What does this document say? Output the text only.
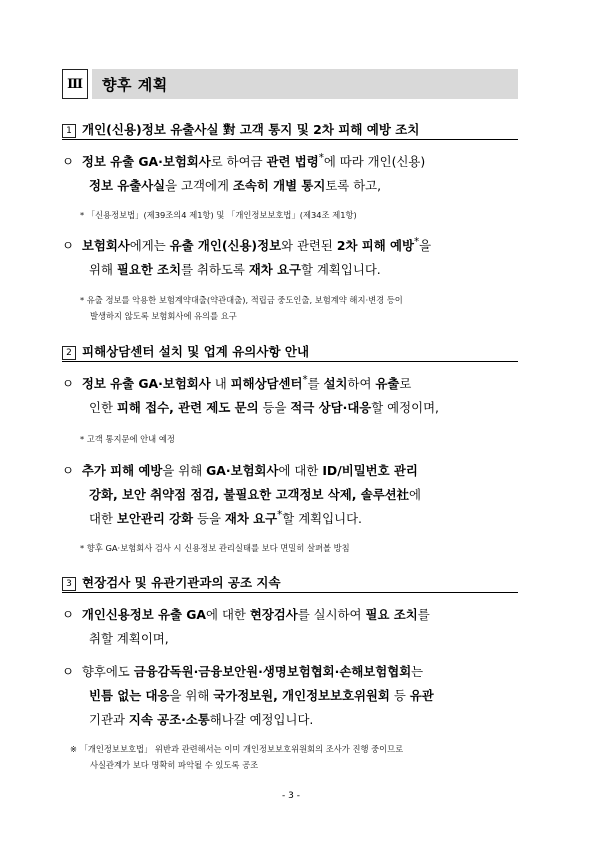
Ⅲ	향후 계획
1 개인(신용)정보 유출사실 對 고객 통지 및 2차 피해 예방 조치
ㅇ 정보 유출 GA·보험회사로 하여금 관련 법령*에 따라 개인(신용)
정보 유출사실을 고객에게 조속히 개별 통지토록 하고,
* 「신용정보법」(제39조의4 제1항) 및 「개인정보보호법」(제34조 제1항)
ㅇ 보험회사에게는 유출 개인(신용)정보와 관련된 2차 피해 예방*을
위해 필요한 조치를 취하도록 재차 요구할 계획입니다.
* 유출 정보를 악용한 보험계약대출(약관대출), 적립금 중도인출, 보험계약 해지·변경 등이
발생하지 않도록 보험회사에 유의를 요구
2 피해상담센터 설치 및 업계 유의사항 안내
ㅇ 정보 유출 GA·보험회사 내 피해상담센터*를 설치하여 유출로
인한 피해 접수, 관련 제도 문의 등을 적극 상담·대응할 예정이며,
* 고객 통지문에 안내 예정
ㅇ 추가 피해 예방을 위해 GA·보험회사에 대한 ID/비밀번호 관리
강화, 보안 취약점 점검, 불필요한 고객정보 삭제, 솔루션社에
대한 보안관리 강화 등을 재차 요구*할 계획입니다.
* 향후 GA·보험회사 검사 시 신용정보 관리실태를 보다 면밀히 살펴볼 방침
3 현장검사 및 유관기관과의 공조 지속
ㅇ 개인신용정보 유출 GA에 대한 현장검사를 실시하여 필요 조치를
취할 계획이며,
ㅇ 향후에도 금융감독원·금융보안원·생명보험협회·손해보험협회는
빈틈 없는 대응을 위해 국가정보원, 개인정보보호위원회 등 유관
기관과 지속 공조·소통해나갈 예정입니다.
※ 「개인정보보호법」 위반과 관련해서는 이미 개인정보보호위원회의 조사가 진행 중이므로
사실관계가 보다 명확히 파악될 수 있도록 공조
- 3 -
